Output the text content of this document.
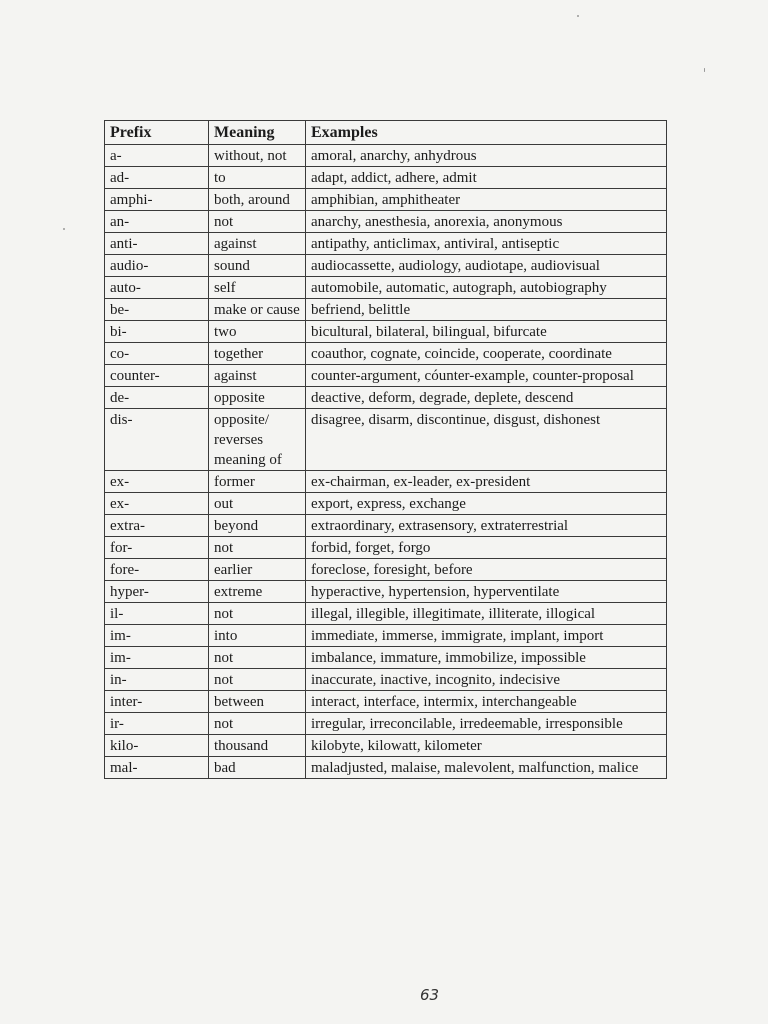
Prefix	Meaning	Examples
a-	without, not	amoral, anarchy, anhydrous
ad-	to	adapt, addict, adhere, admit
amphi-	both, around	amphibian, amphitheater
an-	not	anarchy, anesthesia, anorexia, anonymous
anti-	against	antipathy, anticlimax, antiviral, antiseptic
audio-	sound	audiocassette, audiology, audiotape, audiovisual
auto-	self	automobile, automatic, autograph, autobiography
be-	make or cause	befriend, belittle
bi-	two	bicultural, bilateral, bilingual, bifurcate
co-	together	coauthor, cognate, coincide, cooperate, coordinate
counter-	against	counter-argument, cóunter-example, counter-proposal
de-	opposite	deactive, deform, degrade, deplete, descend
dis-	opposite/ reverses meaning of	disagree, disarm, discontinue, disgust, dishonest
ex-	former	ex-chairman, ex-leader, ex-president
ex-	out	export, express, exchange
extra-	beyond	extraordinary, extrasensory, extraterrestrial
for-	not	forbid, forget, forgo
fore-	earlier	foreclose, foresight, before
hyper-	extreme	hyperactive, hypertension, hyperventilate
il-	not	illegal, illegible, illegitimate, illiterate, illogical
im-	into	immediate, immerse, immigrate, implant, import
im-	not	imbalance, immature, immobilize, impossible
in-	not	inaccurate, inactive, incognito, indecisive
inter-	between	interact, interface, intermix, interchangeable
ir-	not	irregular, irreconcilable, irredeemable, irresponsible
kilo-	thousand	kilobyte, kilowatt, kilometer
mal-	bad	maladjusted, malaise, malevolent, malfunction, malice
63
